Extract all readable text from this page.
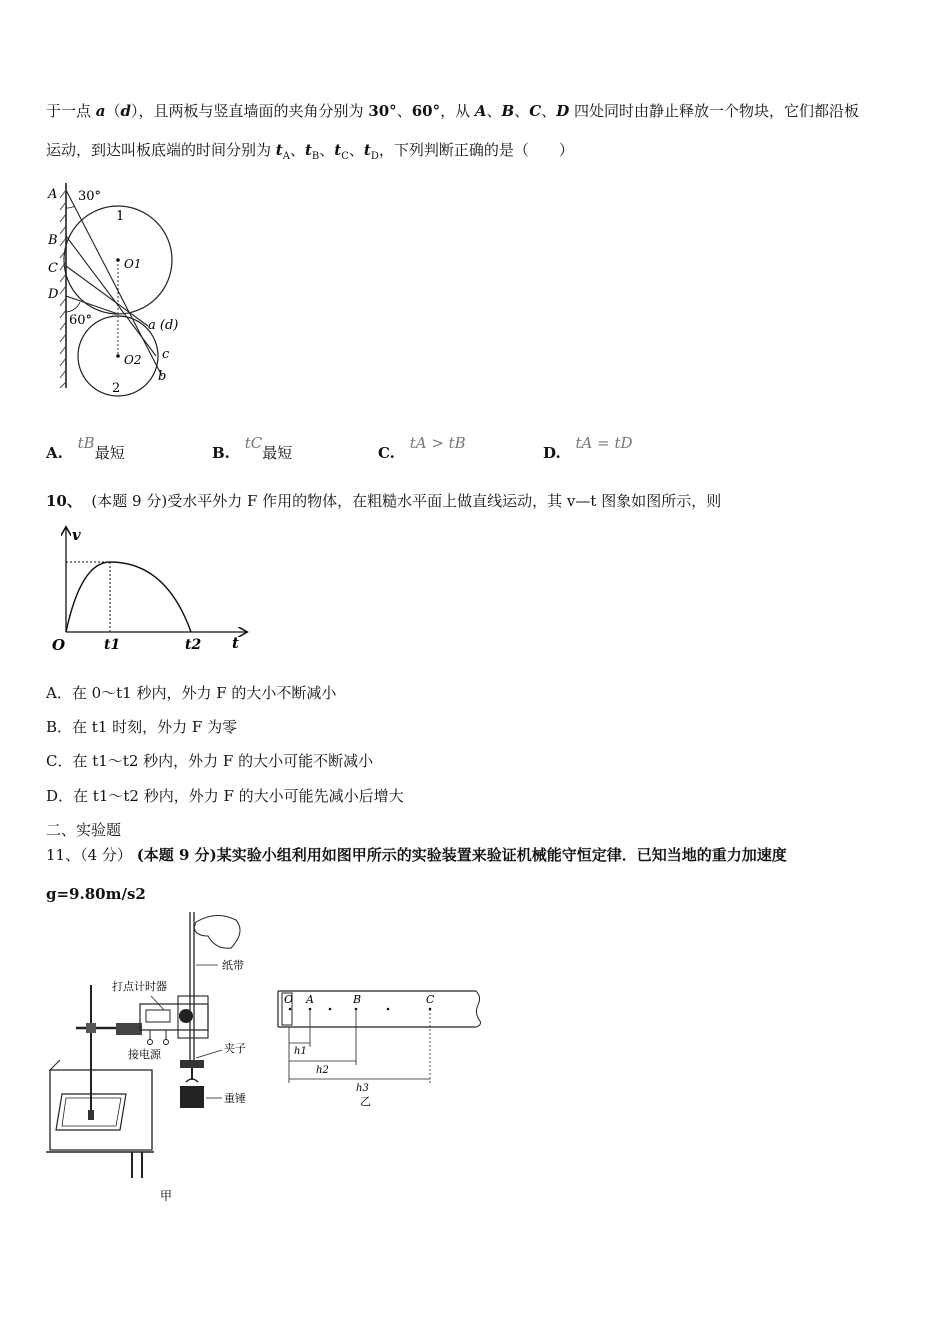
于一点 a（d），且两板与竖直墙面的夹角分别为 30°、60°，从 A、B、C、D 四处同时由静止释放一个物块，它们都沿板
运动，到达叫板底端的时间分别为 $t_A$、$t_B$、$t_C$、$t_D$，下列判断正确的是（　　）
A 30°
B
C
D
1
O1
60°	a (d)
O2 c
b
2
A. tB最短	B. tC最短	C. tA > tB
D. tA = tD
10、 (本题 9 分)受水平外力 F 作用的物体，在粗糙水平面上做直线运动，其 v—t 图象如图所示，则
v
O	t1	t2 t
A．在 0～t1 秒内，外力 F 的大小不断减小
B．在 t1 时刻，外力 F 为零
C．在 t1～t2 秒内，外力 F 的大小可能不断减小
D．在 t1～t2 秒内，外力 F 的大小可能先减小后增大
二、实验题
11、（4 分） (本题 9 分)某实验小组利用如图甲所示的实验装置来验证机械能守恒定律．已知当地的重力加速度
g=9.80m/s2
打点计时器
接电源
纸带
夹子
重锤
甲
O A	B	C
h1
h2
h3
乙
